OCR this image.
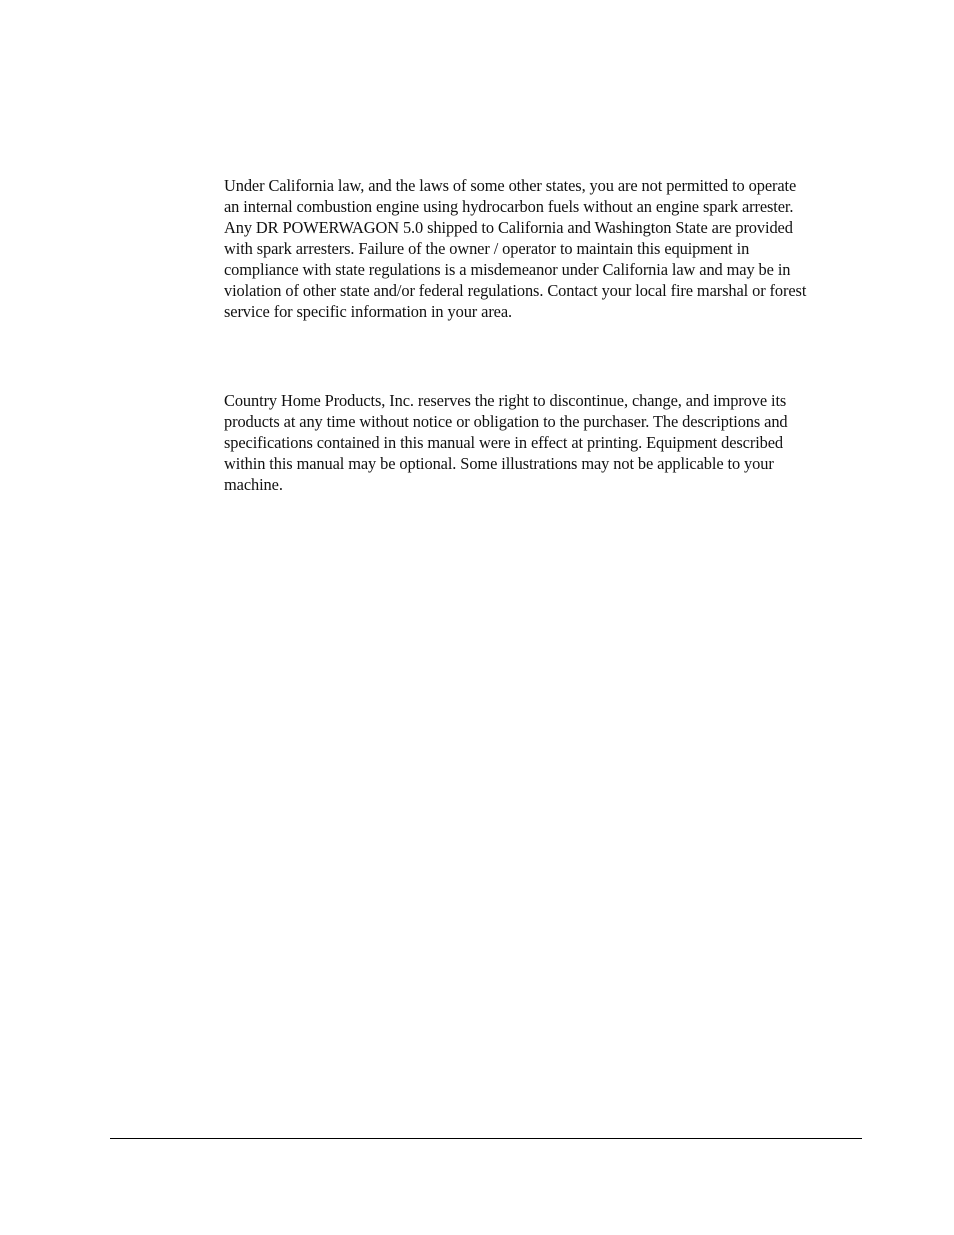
Under California law, and the laws of some other states, you are not permitted to operate
an internal combustion engine using hydrocarbon fuels without an engine spark arrester.
Any DR POWERWAGON 5.0 shipped to California and Washington State are provided
with spark arresters. Failure of the owner / operator to maintain this equipment in
compliance with state regulations is a misdemeanor under California law and may be in
violation of other state and/or federal regulations. Contact your local fire marshal or forest
service for specific information in your area.

Country Home Products, Inc. reserves the right to discontinue, change, and improve its
products at any time without notice or obligation to the purchaser. The descriptions and
specifications contained in this manual were in effect at printing. Equipment described
within this manual may be optional. Some illustrations may not be applicable to your
machine.
